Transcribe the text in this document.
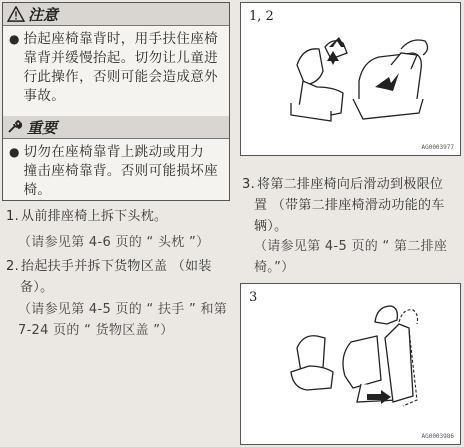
注意
● 抬起座椅靠背时，用手扶住座椅
靠背并缓慢抬起。切勿让儿童进
行此操作，否则可能会造成意外
事故。
重要
● 切勿在座椅靠背上跳动或用力
撞击座椅靠背。否则可能损坏座
椅。
1. 从前排座椅上拆下头枕。
（请参见第 4-6 页的 “ 头枕 ”）
2. 抬起扶手并拆下货物区盖 （如装
备）。
（请参见第 4-5 页的 “ 扶手 ” 和第
7-24 页的 “ 货物区盖 ”）
1, 2
AG0003977
3. 将第二排座椅向后滑动到极限位
置 （带第二排座椅滑动功能的车
辆）。
（请参见第 4-5 页的 “ 第二排座
椅。”）
3
AG0003986
